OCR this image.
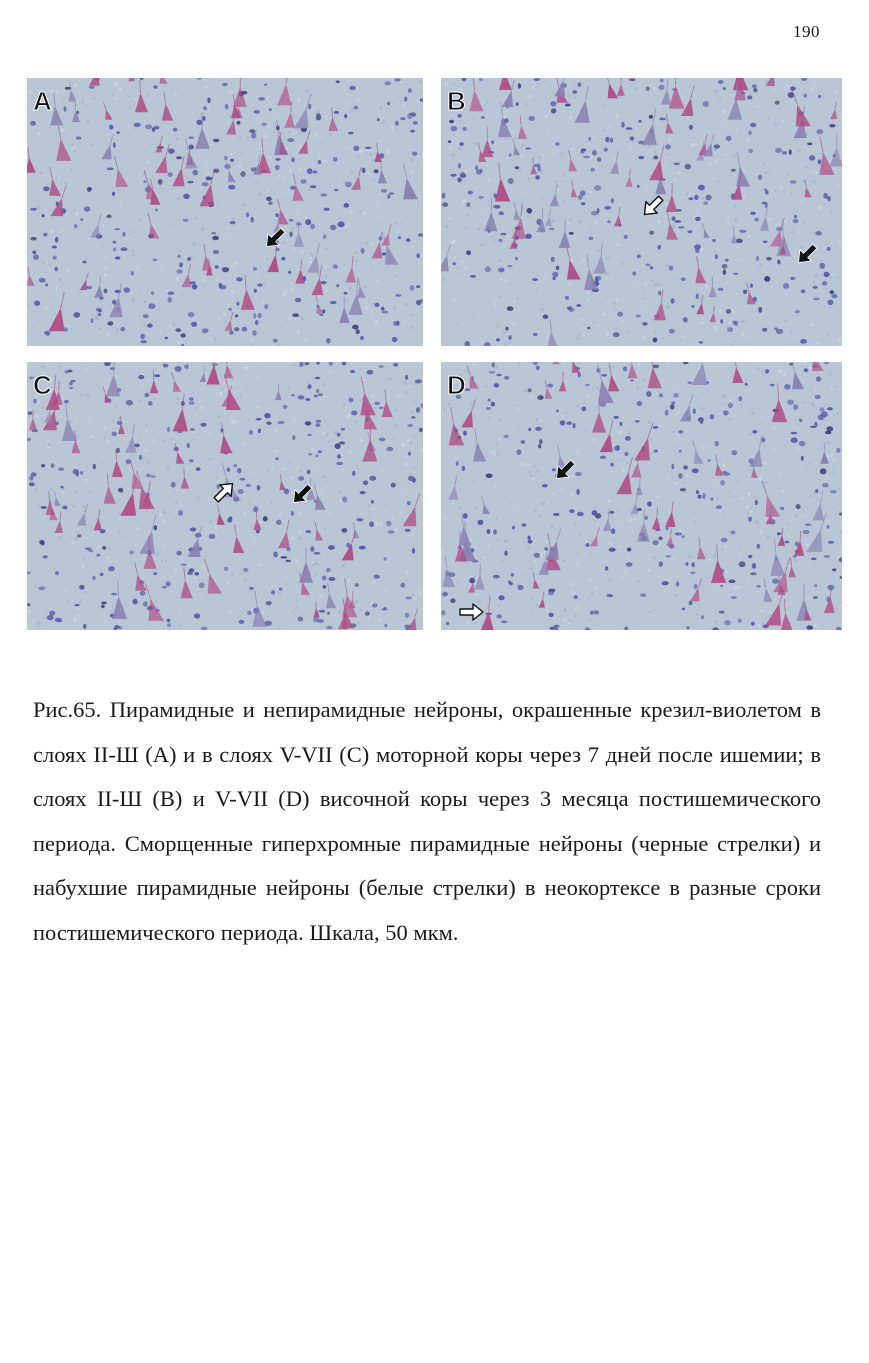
190
A	B
C	D

Рис.65. Пирамидные и непирамидные нейроны, окрашенные крезил-виолетом в слоях II-Ш (А) и в слоях V-VII (С) моторной коры через 7 дней после ишемии; в слоях II-Ш (В) и V-VII (D) височной коры через 3 месяца постишемического периода. Сморщенные гиперхромные пирамидные нейроны (черные стрелки) и набухшие пирамидные нейроны (белые стрелки) в неокортексе в разные сроки постишемического периода. Шкала, 50 мкм.
